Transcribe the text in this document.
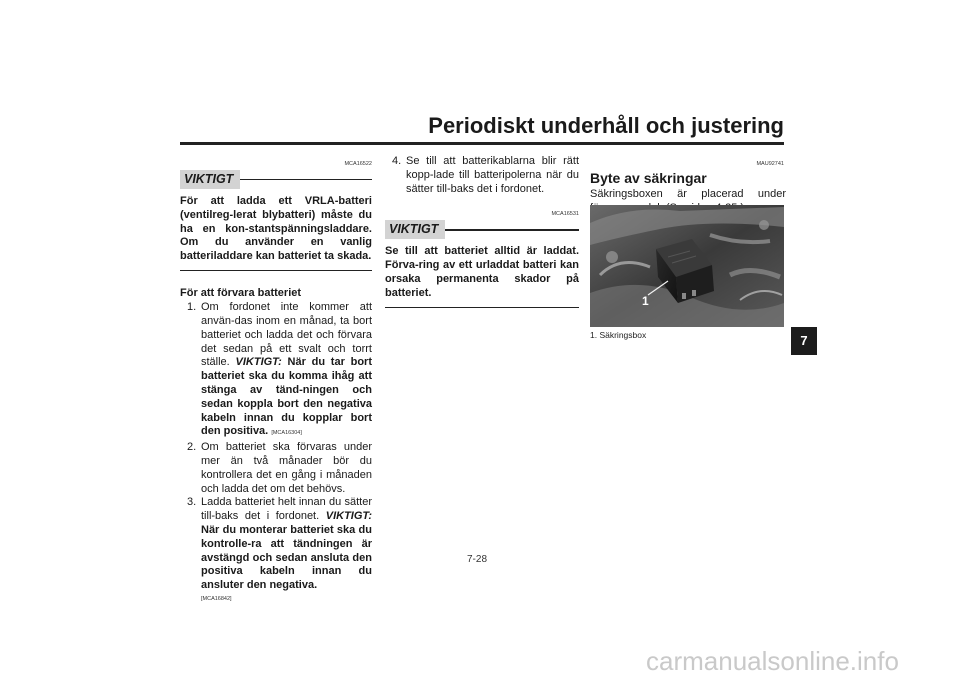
Periodiskt underhåll och justering
MCA16522
VIKTIGT
För att ladda ett VRLA-batteri (ventilreg-lerat blybatteri) måste du ha en kon-stantspänningsladdare. Om du använder en vanlig batteriladdare kan batteriet ta skada.
För att förvara batteriet
1. Om fordonet inte kommer att använ-das inom en månad, ta bort batteriet och ladda det och förvara det sedan på ett svalt och torrt ställe. VIKTIGT: När du tar bort batteriet ska du komma ihåg att stänga av tänd-ningen och sedan koppla bort den negativa kabeln innan du kopplar bort den positiva. [MCA16304]
2. Om batteriet ska förvaras under mer än två månader bör du kontrollera det en gång i månaden och ladda det om det behövs.
3. Ladda batteriet helt innan du sätter till-baks det i fordonet. VIKTIGT: När du monterar batteriet ska du kontrolle-ra att tändningen är avstängd och sedan ansluta den positiva kabeln innan du ansluter den negativa.
[MCA16842]
4. Se till att batterikablarna blir rätt kopp-lade till batteripolerna när du sätter till-baks det i fordonet.
MCA16531
VIKTIGT
Se till att batteriet alltid är laddat. Förva-ring av ett urladdat batteri kan orsaka permanenta skador på batteriet.
MAU92741
Byte av säkringar
Säkringsboxen är placerad under
1
1. Säkringsbox	7
7-28
carmanualsonline.info
